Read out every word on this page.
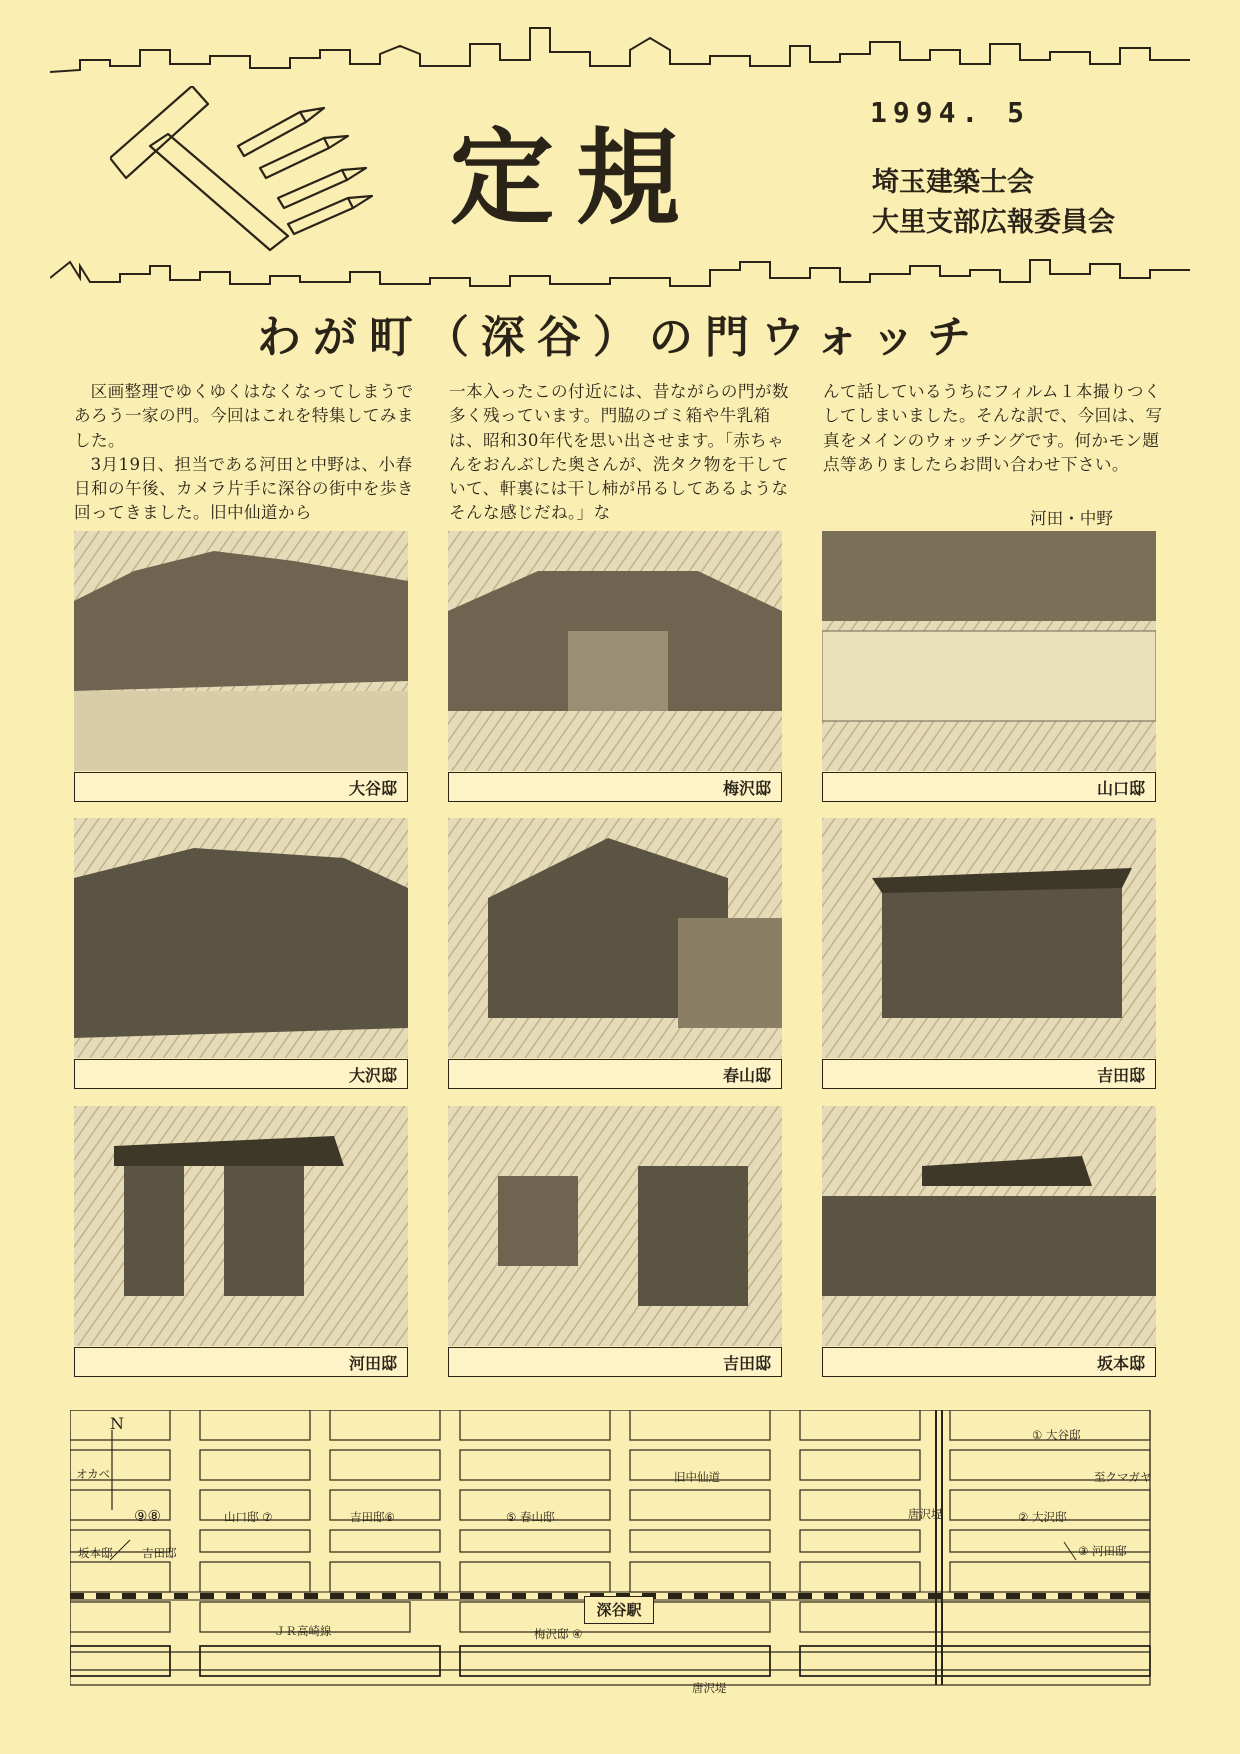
定規
1994. 5
埼玉建築士会
大里支部広報委員会
わが町（深谷）の門ウォッチ

区画整理でゆくゆくはなくなってしまうであろう一家の門。今回はこれを特集してみました。

3月19日、担当である河田と中野は、小春日和の午後、カメラ片手に深谷の街中を歩き回ってきました。旧中仙道から

一本入ったこの付近には、昔ながらの門が数多く残っています。門脇のゴミ箱や牛乳箱は、昭和30年代を思い出させます。「赤ちゃんをおんぶした奥さんが、洗タク物を干していて、軒裏には干し柿が吊るしてあるようなそんな感じだね。」な

んて話しているうちにフィルム１本撮りつくしてしまいました。そんな訳で、今回は、写真をメインのウォッチングです。何かモン題点等ありましたらお問い合わせ下さい。

河田・中野
大谷邸	梅沢邸	山口邸
大沢邸	春山邸	吉田邸
河田邸	吉田邸	坂本邸
N
オカベ
⑨⑧
坂本邸	吉田邸
山口邸 ⑦	吉田邸⑥	⑤ 春山邸
旧中仙道
① 大谷邸
至クマガヤ
唐沢堤	② 大沢邸
③ 河田邸
ＪＲ高崎線	梅沢邸 ④
唐沢堤
深谷駅
